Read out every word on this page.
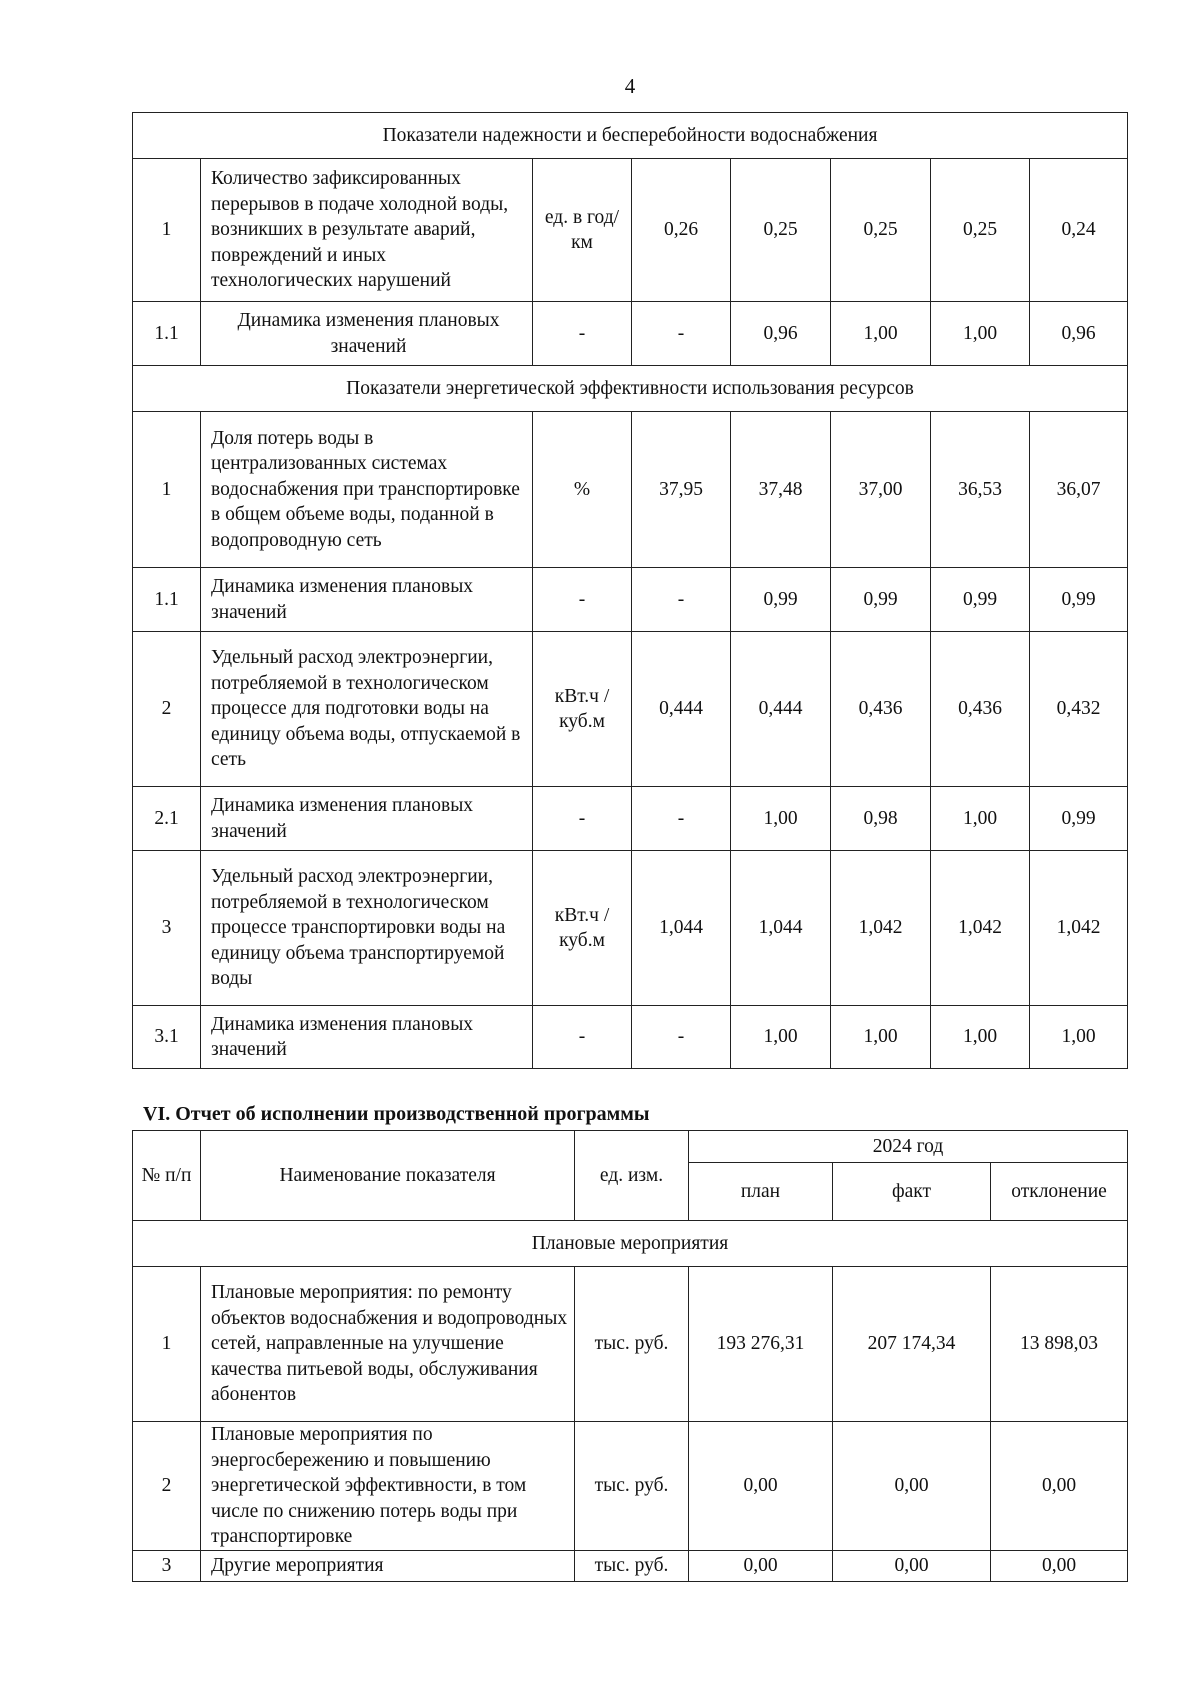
4
Показатели надежности и бесперебойности водоснабжения							
1	Количество зафиксированных перерывов в подаче холодной воды, возникших в результате аварий, повреждений и иных технологических нарушений	ед. в год/ км	0,26	0,25	0,25	0,25	0,24
1.1	Динамика изменения плановых значений	-	-	0,96	1,00	1,00	0,96
Показатели энергетической эффективности использования ресурсов							
1	Доля потерь воды в централизованных системах водоснабжения при транспортировке в общем объеме воды, поданной в водопроводную сеть	%	37,95	37,48	37,00	36,53	36,07
1.1	Динамика изменения плановых значений	-	-	0,99	0,99	0,99	0,99
2	Удельный расход электроэнергии, потребляемой в технологическом процессе для подготовки воды на единицу объема воды, отпускаемой в сеть	кВт.ч / куб.м	0,444	0,444	0,436	0,436	0,432
2.1	Динамика изменения плановых значений	-	-	1,00	0,98	1,00	0,99
3	Удельный расход электроэнергии, потребляемой в технологическом процессе транспортировки воды на единицу объема транспортируемой воды	кВт.ч / куб.м	1,044	1,044	1,042	1,042	1,042
3.1	Динамика изменения плановых значений	-	-	1,00	1,00	1,00	1,00
VI. Отчет об исполнении производственной программы
№ п/п	Наименование показателя	ед. изм.	2024 год		
			план	факт	отклонение
Плановые мероприятия					
1	Плановые мероприятия: по ремонту объектов водоснабжения и водопроводных сетей, направленные на улучшение качества питьевой воды, обслуживания абонентов	тыс. руб.	193 276,31	207 174,34	13 898,03
2	Плановые мероприятия по энергосбережению и повышению энергетической эффективности, в том числе по снижению потерь воды при транспортировке	тыс. руб.	0,00	0,00	0,00
3	Другие мероприятия	тыс. руб.	0,00	0,00	0,00
